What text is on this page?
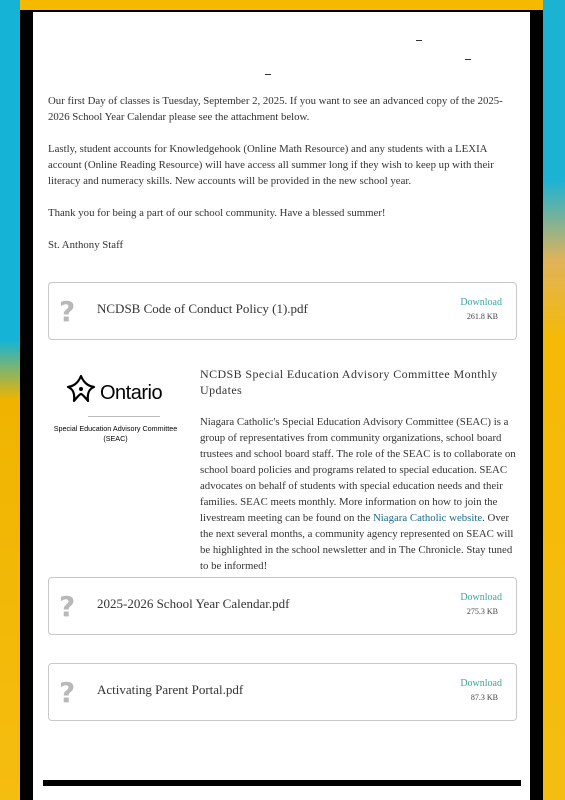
Our first Day of classes is Tuesday, September 2, 2025. If you want to see an advanced copy of the 2025-2026 School Year Calendar please see the attachment below.

Lastly, student accounts for Knowledgehook (Online Math Resource) and any students with a LEXIA account (Online Reading Resource) will have access all summer long if they wish to keep up with their literacy and numeracy skills. New accounts will be provided in the new school year.

Thank you for being a part of our school community. Have a blessed summer!

St. Anthony Staff

?	NCDSB Code of Conduct Policy (1).pdf	Download
261.8 KB
Ontario
Special Education Advisory Committee (SEAC)
NCDSB Special Education Advisory Committee Monthly Updates
Niagara Catholic's Special Education Advisory Committee (SEAC) is a group of representatives from community organizations, school board trustees and school board staff. The role of the SEAC is to collaborate on school board policies and programs related to special education. SEAC advocates on behalf of students with special education needs and their families. SEAC meets monthly. More information on how to join the livestream meeting can be found on the Niagara Catholic website. Over the next several months, a community agency represented on SEAC will be highlighted in the school newsletter and in The Chronicle. Stay tuned to be informed!
?	2025-2026 School Year Calendar.pdf	Download
275.3 KB
?	Activating Parent Portal.pdf	Download
87.3 KB
